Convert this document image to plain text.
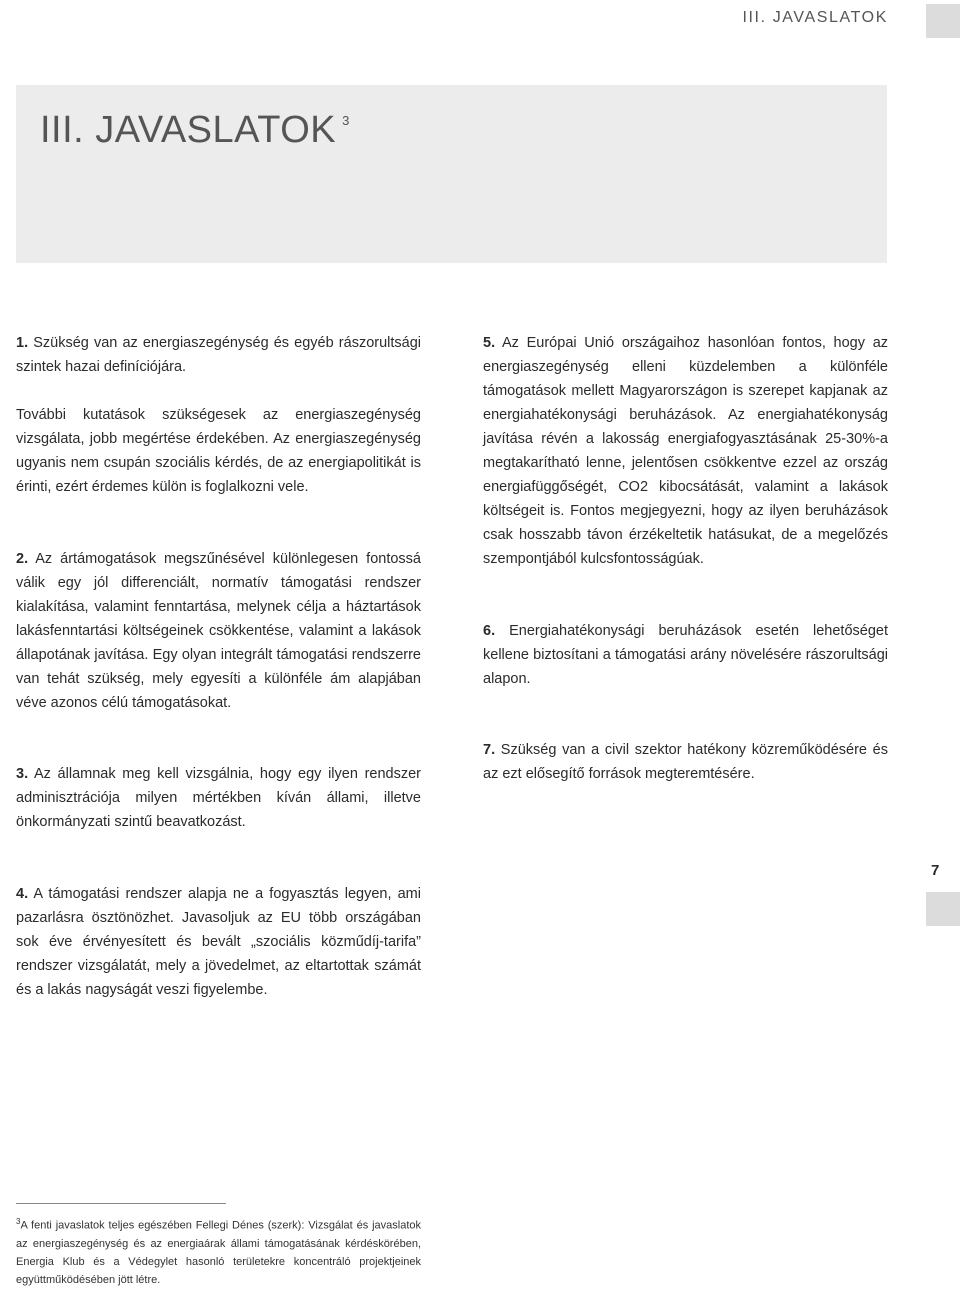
III. JAVASLATOK
III. JAVASLATOK $^3$

1. Szükség van az energiaszegénység és egyéb rászorultsági szintek hazai definíciójára.

További kutatások szükségesek az energiaszegénység vizsgálata, jobb megértése érdekében. Az energiaszegénység ugyanis nem csupán szociális kérdés, de az energiapolitikát is érinti, ezért érdemes külön is foglalkozni vele.

2. Az ártámogatások megszűnésével különlegesen fontossá válik egy jól differenciált, normatív támogatási rendszer kialakítása, valamint fenntartása, melynek célja a háztartások lakásfenntartási költségeinek csökkentése, valamint a lakások állapotának javítása. Egy olyan integrált támogatási rendszerre van tehát szükség, mely egyesíti a különféle ám alapjában véve azonos célú támogatásokat.

3. Az államnak meg kell vizsgálnia, hogy egy ilyen rendszer adminisztrációja milyen mértékben kíván állami, illetve önkormányzati szintű beavatkozást.

4. A támogatási rendszer alapja ne a fogyasztás legyen, ami pazarlásra ösztönözhet. Javasoljuk az EU több országában sok éve érvényesített és bevált „szociális közműdíj-tarifa” rendszer vizsgálatát, mely a jövedelmet, az eltartottak számát és a lakás nagyságát veszi figyelembe.

5. Az Európai Unió országaihoz hasonlóan fontos, hogy az energiaszegénység elleni küzdelemben a különféle támogatások mellett Magyarországon is szerepet kapjanak az energiahatékonysági beruházások. Az energiahatékonyság javítása révén a lakosság energiafogyasztásának 25-30%-a megtakarítható lenne, jelentősen csökkentve ezzel az ország energiafüggőségét, CO2 kibocsátását, valamint a lakások költségeit is. Fontos megjegyezni, hogy az ilyen beruházások csak hosszabb távon érzékeltetik hatásukat, de a megelőzés szempontjából kulcsfontosságúak.

6. Energiahatékonysági beruházások esetén lehetőséget kellene biztosítani a támogatási arány növelésére rászorultsági alapon.

7. Szükség van a civil szektor hatékony közreműködésére és az ezt elősegítő források megteremtésére.

7

$^3$A fenti javaslatok teljes egészében Fellegi Dénes (szerk): Vizsgálat és javaslatok az energiaszegénység és az energiaárak állami támogatásának kérdéskörében, Energia Klub és a Védegylet hasonló területekre koncentráló projektjeinek együttműködésében jött létre.
